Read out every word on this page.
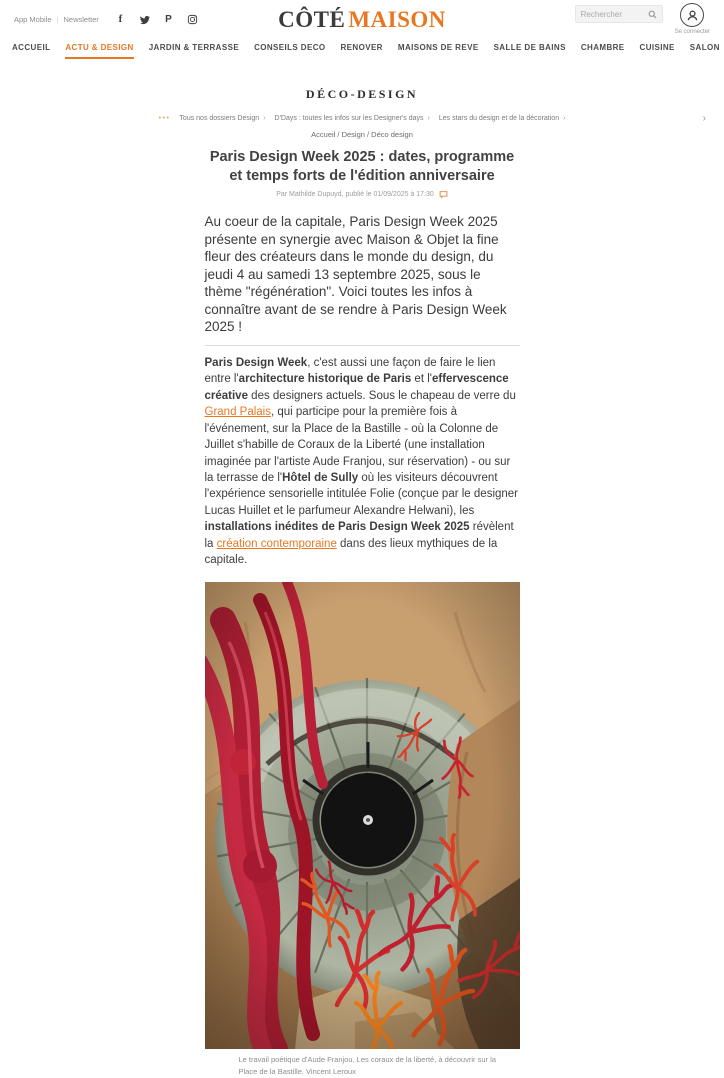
App Mobile | Newsletter f	P	CÔTÉ MAISON
Rechercher	Se connecter
ACCUEIL ACTU & DESIGN JARDIN & TERRASSE CONSEILS DECO RENOVER MAISONS DE REVE SALLE DE BAINS CHAMBRE CUISINE SALON
DÉCO-DESIGN
••• Tous nos dossiers Design ›	D'Days : toutes les infos sur les Designer's days ›	Les stars du design et de la décoration ›	›
Accueil / Design / Déco design
Paris Design Week 2025 : dates, programme et temps forts de l'édition anniversaire
Par Mathilde Dupuyd, publié le 01/09/2025 à 17:30

Au coeur de la capitale, Paris Design Week 2025 présente en synergie avec Maison & Objet la fine fleur des créateurs dans le monde du design, du jeudi 4 au samedi 13 septembre 2025, sous le thème "régénération". Voici toutes les infos à connaître avant de se rendre à Paris Design Week 2025 !

Paris Design Week, c'est aussi une façon de faire le lien entre l'architecture historique de Paris et l'effervescence créative des designers actuels. Sous le chapeau de verre du Grand Palais, qui participe pour la première fois à l'événement, sur la Place de la Bastille - où la Colonne de Juillet s'habille de Coraux de la Liberté (une installation imaginée par l'artiste Aude Franjou, sur réservation) - ou sur la terrasse de l'Hôtel de Sully où les visiteurs découvrent l'expérience sensorielle intitulée Folie (conçue par le designer Lucas Huillet et le parfumeur Alexandre Helwani), les installations inédites de Paris Design Week 2025 révèlent la création contemporaine dans des lieux mythiques de la capitale.

Le travail poétique d'Aude Franjou, Les coraux de la liberté, à découvrir sur la Place de la Bastille. Vincent Leroux
